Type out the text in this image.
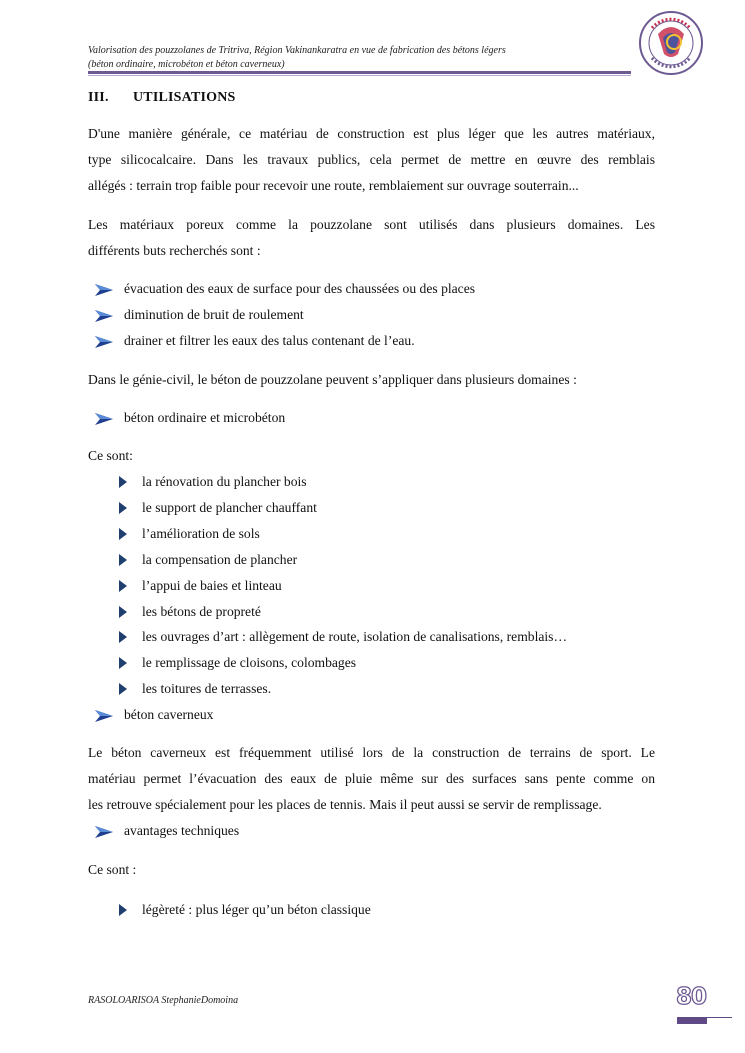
Valorisation des pouzzolanes de Tritriva, Région Vakinankaratra en vue de fabrication des bétons légers
(béton ordinaire, microbéton et béton caverneux)
III. UTILISATIONS
D'une manière générale, ce matériau de construction est plus léger que les autres matériaux,
type silicocalcaire. Dans les travaux publics, cela permet de mettre en œuvre des remblais
allégés : terrain trop faible pour recevoir une route, remblaiement sur ouvrage souterrain...
Les matériaux poreux comme la pouzzolane sont utilisés dans plusieurs domaines. Les
différents buts recherchés sont :
évacuation des eaux de surface pour des chaussées ou des places
diminution de bruit de roulement
drainer et filtrer les eaux des talus contenant de l’eau.
Dans le génie-civil, le béton de pouzzolane peuvent s’appliquer dans plusieurs domaines :
béton ordinaire et microbéton
Ce sont:
la rénovation du plancher bois
le support de plancher chauffant
l’amélioration de sols
la compensation de plancher
l’appui de baies et linteau
les bétons de propreté
les ouvrages d’art : allègement de route, isolation de canalisations, remblais…
le remplissage de cloisons, colombages
les toitures de terrasses.
béton caverneux
Le béton caverneux est fréquemment utilisé lors de la construction de terrains de sport. Le
matériau permet l’évacuation des eaux de pluie même sur des surfaces sans pente comme on
les retrouve spécialement pour les places de tennis. Mais il peut aussi se servir de remplissage.
avantages techniques
Ce sont :
légèreté : plus léger qu’un béton classique
RASOLOARISOA StephanieDomoina	80
